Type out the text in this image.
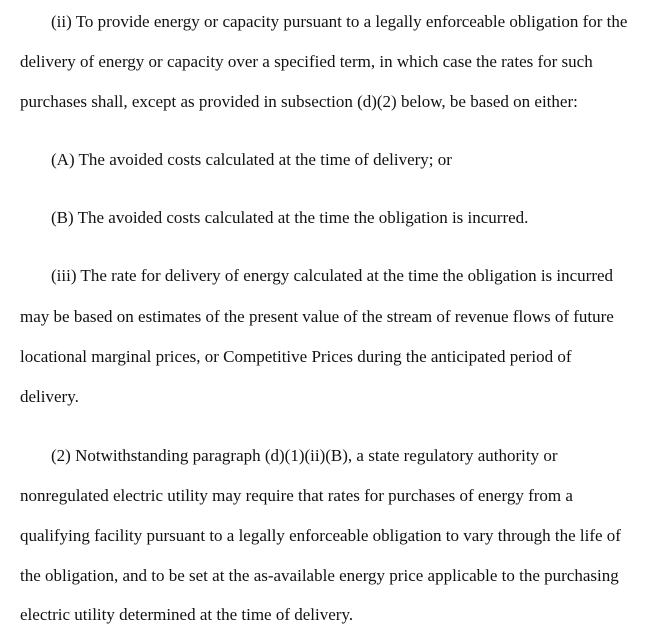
(ii) To provide energy or capacity pursuant to a legally enforceable obligation for the
delivery of energy or capacity over a specified term, in which case the rates for such
purchases shall, except as provided in subsection (d)(2) below, be based on either:
(A) The avoided costs calculated at the time of delivery; or
(B) The avoided costs calculated at the time the obligation is incurred.
(iii) The rate for delivery of energy calculated at the time the obligation is incurred
may be based on estimates of the present value of the stream of revenue flows of future
locational marginal prices, or Competitive Prices during the anticipated period of
delivery.
(2) Notwithstanding paragraph (d)(1)(ii)(B), a state regulatory authority or
nonregulated electric utility may require that rates for purchases of energy from a
qualifying facility pursuant to a legally enforceable obligation to vary through the life of
the obligation, and to be set at the as-available energy price applicable to the purchasing
electric utility determined at the time of delivery.
